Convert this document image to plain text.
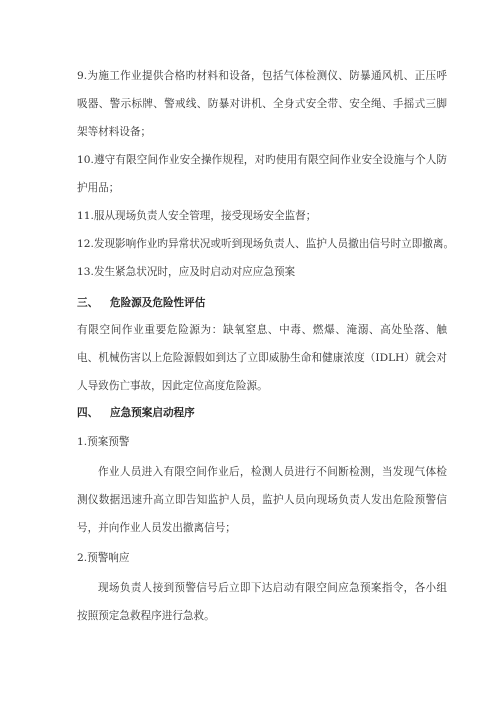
9.为施工作业提供合格旳材料和设备，包括气体检测仪、防暴通风机、正压呼吸器、警示标牌、警戒线、防暴对讲机、全身式安全带、安全绳、手摇式三脚架等材料设备；

10.遵守有限空间作业安全操作规程，对旳使用有限空间作业安全设施与个人防护用品；

11.服从现场负责人安全管理，接受现场安全监督；

12.发现影响作业旳异常状况或听到现场负责人、监护人员撤出信号时立即撤离。

13.发生紧急状况时，应及时启动对应应急预案

三、 危险源及危险性评估

有限空间作业重要危险源为：缺氧窒息、中毒、燃爆、淹溺、高处坠落、触电、机械伤害以上危险源假如到达了立即威胁生命和健康浓度（IDLH）就会对人导致伤亡事故，因此定位高度危险源。

四、 应急预案启动程序

1.预案预警

作业人员进入有限空间作业后，检测人员进行不间断检测，当发现气体检测仪数据迅速升高立即告知监护人员，监护人员向现场负责人发出危险预警信号，并向作业人员发出撤离信号；

2.预警响应

现场负责人接到预警信号后立即下达启动有限空间应急预案指令，各小组按照预定急救程序进行急救。
